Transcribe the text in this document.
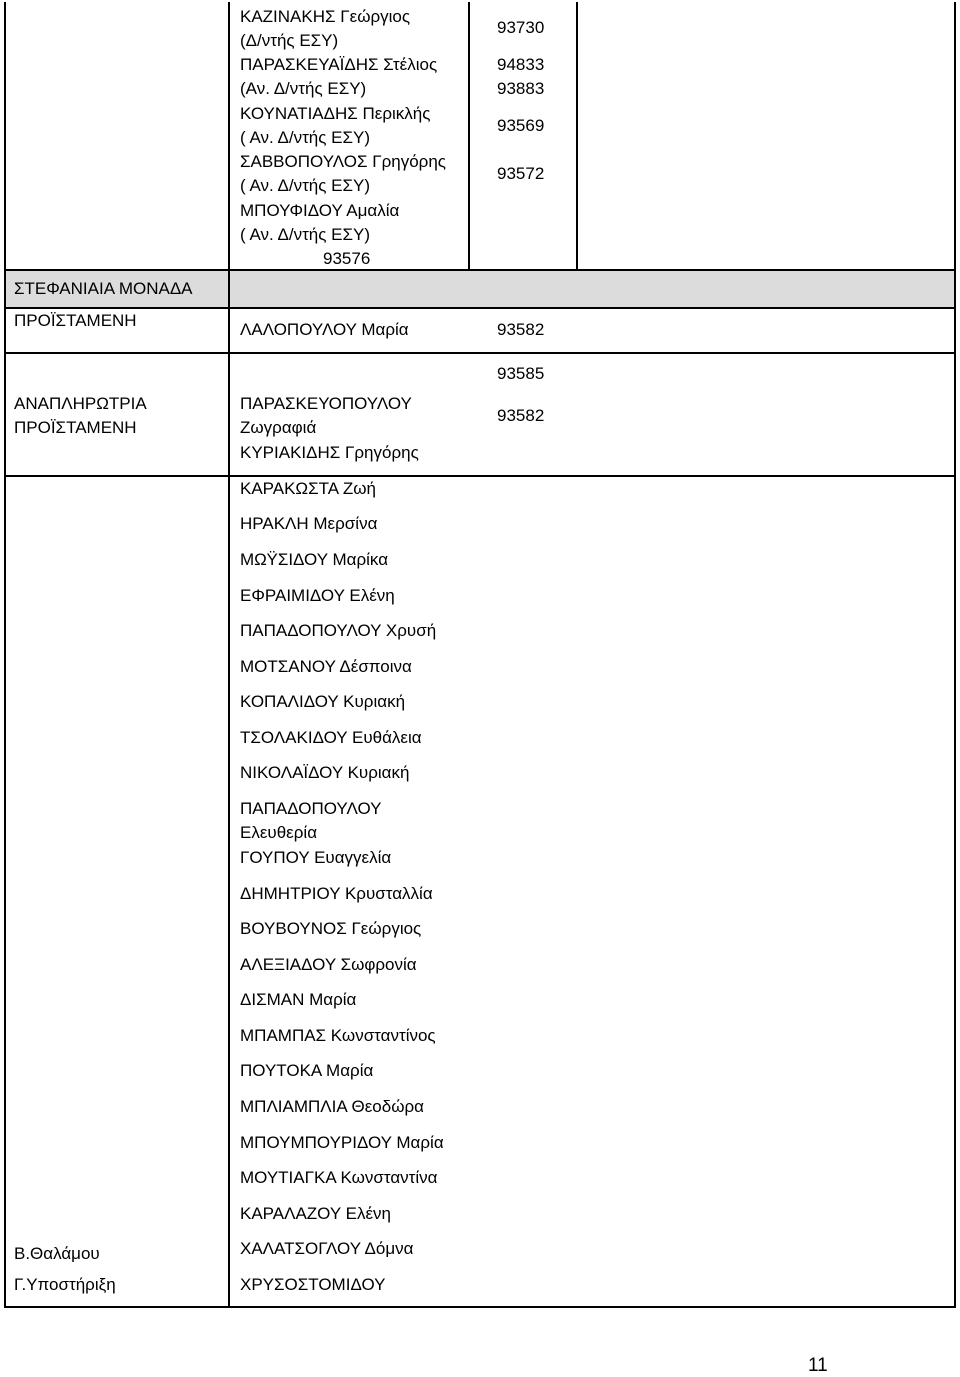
ΚΑΖΙΝΑΚΗΣ Γεώργιος
(Δ/ντής ΕΣΥ)
ΠΑΡΑΣΚΕΥΑΪΔΗΣ Στέλιος
(Αν. Δ/ντής ΕΣΥ)
ΚΟΥΝΑΤΙΑΔΗΣ Περικλής
( Αν. Δ/ντής ΕΣΥ)
ΣΑΒΒΟΠΟΥΛΟΣ Γρηγόρης
( Αν. Δ/ντής ΕΣΥ)
ΜΠΟΥΦΙΔΟΥ Αμαλία
( Αν. Δ/ντής ΕΣΥ)
93576
93730
94833
93883
93569
93572
ΣΤΕΦΑΝΙΑΙΑ ΜΟΝΑΔΑ
ΠΡΟΪΣΤΑΜΕΝΗ	ΛΑΛΟΠΟΥΛΟΥ Μαρία	93582
ΑΝΑΠΛΗΡΩΤΡΙΑ
ΠΡΟΪΣΤΑΜΕΝΗ
93585
93582
ΠΑΡΑΣΚΕΥΟΠΟΥΛΟΥ
Ζωγραφιά
ΚΥΡΙΑΚΙΔΗΣ Γρηγόρης
ΚΑΡΑΚΩΣΤΑ Ζωή
ΗΡΑΚΛΗ Μερσίνα
ΜΩΫΣΙΔΟΥ Μαρίκα
ΕΦΡΑΙΜΙΔΟΥ Ελένη
ΠΑΠΑΔΟΠΟΥΛΟΥ Χρυσή
ΜΟΤΣΑΝΟΥ Δέσποινα
ΚΟΠΑΛΙΔΟΥ Κυριακή
ΤΣΟΛΑΚΙΔΟΥ Ευθάλεια
ΝΙΚΟΛΑΪΔΟΥ Κυριακή
ΠΑΠΑΔΟΠΟΥΛΟΥ
Ελευθερία
ΓΟΥΠΟΥ Ευαγγελία
ΔΗΜΗΤΡΙΟΥ Κρυσταλλία
ΒΟΥΒΟΥΝΟΣ Γεώργιος
ΑΛΕΞΙΑΔΟΥ Σωφρονία
ΔΙΣΜΑΝ Μαρία
ΜΠΑΜΠΑΣ Κωνσταντίνος
ΠΟΥΤΟΚΑ Μαρία
ΜΠΛΙΑΜΠΛΙΑ Θεοδώρα
ΜΠΟΥΜΠΟΥΡΙΔΟΥ Μαρία
ΜΟΥΤΙΑΓΚΑ Κωνσταντίνα
ΚΑΡΑΛΑΖΟΥ Ελένη
ΧΑΛΑΤΣΟΓΛΟΥ Δόμνα
ΧΡΥΣΟΣΤΟΜΙΔΟΥ
Β.Θαλάμου
Γ.Υποστήριξη
11
